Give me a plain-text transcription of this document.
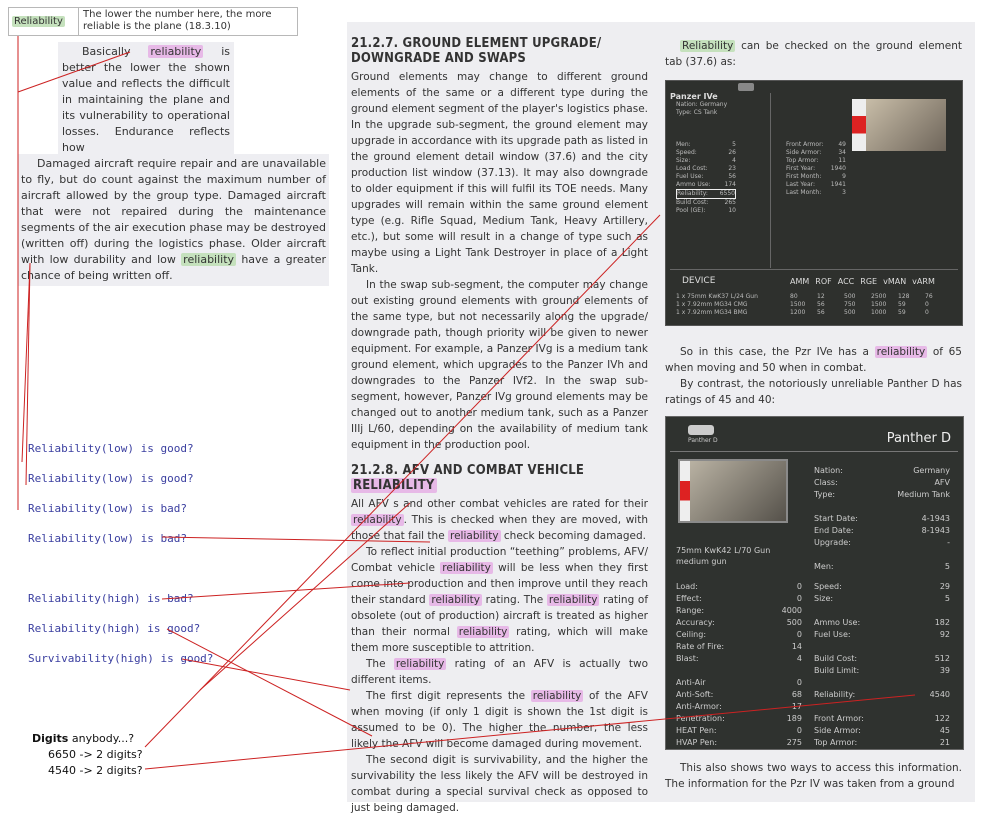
Reliability
The lower the number here, the more reliable is the plane (18.3.10)
Basically reliability is better the lower the shown value and reflects the difficult in maintaining the plane and its vulnerability to operational losses. Endurance reflects how
Damaged aircraft require repair and are unavailable to fly, but do count against the maximum number of aircraft allowed by the group type. Damaged aircraft that were not repaired during the maintenance segments of the air execution phase may be destroyed (written off) during the logistics phase. Older aircraft with low durability and low reliability have a greater chance of being written off.
Reliability(low) is good?
Reliability(low) is good?
Reliability(low) is bad?
Reliability(low) is bad?
Reliability(high) is bad?
Reliability(high) is good?
Survivability(high) is good?
Digits anybody...?
6650 -> 2 digits?
4540 -> 2 digits?
21.2.7. GROUND ELEMENT UPGRADE/ DOWNGRADE AND SWAPS

Ground elements may change to different ground elements of the same or a different type during the ground element segment of the player's logistics phase. In the upgrade sub-segment, the ground element may upgrade in accordance with its upgrade path as listed in the ground element detail window (37.6) and the city production list window (37.13). It may also downgrade to older equipment if this will fulfil its TOE needs. Many upgrades will remain within the same ground element type (e.g. Rifle Squad, Medium Tank, Heavy Artillery, etc.), but some will result in a change of type such as maybe using a Light Tank Destroyer in place of a Light Tank.

In the swap sub-segment, the computer may change out existing ground elements with ground elements of the same type, but not necessarily along the upgrade/ downgrade path, though priority will be given to newer equipment. For example, a Panzer IVg is a medium tank ground element, which upgrades to the Panzer IVh and downgrades to the Panzer IVf2. In the swap sub-segment, however, Panzer IVg ground elements may be changed out to another medium tank, such as a Panzer IIIj L/60, depending on the availability of medium tank equipment in the production pool.

21.2.8. AFV AND COMBAT VEHICLE RELIABILITY

All AFV s and other combat vehicles are rated for their reliability . This is checked when they are moved, with those that fail the reliability check becoming damaged.

To reflect initial production “teething” problems, AFV/ Combat vehicle reliability will be less when they first come into production and then improve until they reach their standard reliability rating. The reliability rating of obsolete (out of production) aircraft is treated as higher than their normal reliability rating, which will make them more susceptible to attrition.

The reliability rating of an AFV is actually two different items.

The first digit represents the reliability of the AFV when moving (if only 1 digit is shown the 1st digit is assumed to be 0). The higher the number, the less likely the AFV will become damaged during movement.

The second digit is survivability, and the higher the survivability the less likely the AFV will be destroyed in combat during a special survival check as opposed to just being damaged.

Reliability can be checked on the ground element tab (37.6) as:

So in this case, the Pzr IVe has a reliability of 65 when moving and 50 when in combat.

By contrast, the notoriously unreliable Panther D has ratings of 45 and 40:

This also shows two ways to access this information. The information for the Pzr IV was taken from a ground

Panzer IVe
Nation: Germany
Type: CS Tank
Men:	5
Speed:	26
Size:	4
Load Cost:	23
Fuel Use:	56
Ammo Use: 174
Reliability: 6550
Build Cost:	265
Pool (GE):	10
Front Armor: 49
Side Armor:	34
Top Armor:	11
First Year:	1940
First Month:	9
Last Year:	1941
Last Month:	3
DEVICE	AMM ROF ACC RGE vMAN vARM
1 x 75mm KwK37 L/24 Gun	80	12	500	2500	128	76
1 x 7.92mm MG34 CMG	1500	56	750	1500	59	0
1 x 7.92mm MG34 BMG	1200	56	500	1000	59	0
Panther D	Panther D
75mm KwK42 L/70 Gun
medium gun
Nation:	Germany
Class:	AFV
Type:	Medium Tank
Start Date:	4-1943
End Date:	8-1943
Upgrade:	-
Men:	5
Load:	0
Effect:	0
Range:	4000
Accuracy:	500
Ceiling:	0
Rate of Fire:	14
Blast:	4
Anti-Air	0
Anti-Soft:	68
Anti-Armor:	17
Penetration:	189
HEAT Pen:	0
HVAP Pen:	275
Speed:	29
Size:	5
Ammo Use:	182
Fuel Use:	92
Build Cost:	512
Build Limit:	39
Reliability:	4540
Front Armor:	122
Side Armor:	45
Top Armor:	21
